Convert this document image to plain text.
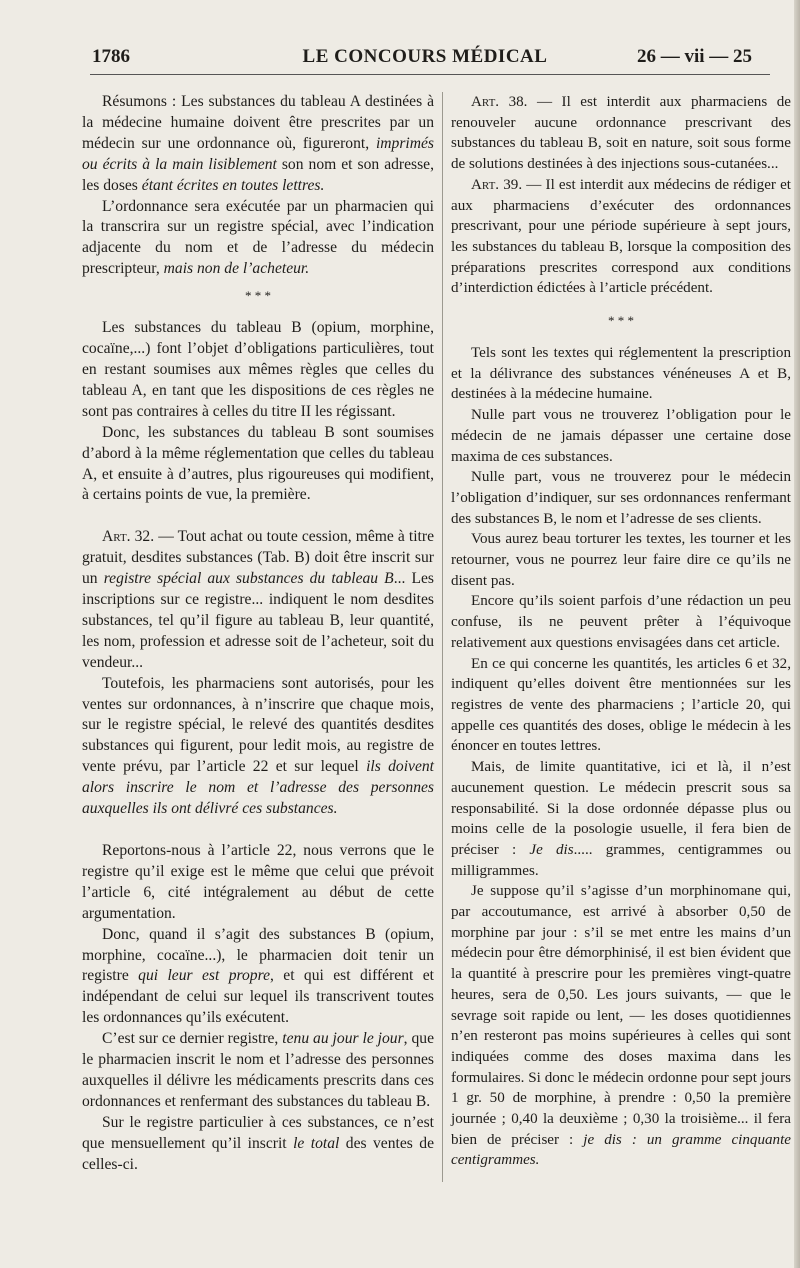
1786	LE CONCOURS MÉDICAL	26 — vii — 25

Résumons : Les substances du tableau A destinées à la médecine humaine doivent être prescrites par un médecin sur une ordonnance où, figureront, imprimés ou écrits à la main lisiblement son nom et son adresse, les doses étant écrites en toutes lettres.

L’ordonnance sera exécutée par un pharmacien qui la transcrira sur un registre spécial, avec l’indication adjacente du nom et de l’adresse du médecin prescripteur, mais non de l’acheteur.

* * *

Les substances du tableau B (opium, morphine, cocaïne,...) font l’objet d’obligations particulières, tout en restant soumises aux mêmes règles que celles du tableau A, en tant que les dispositions de ces règles ne sont pas contraires à celles du titre II les régissant.

Donc, les substances du tableau B sont soumises d’abord à la même réglementation que celles du tableau A, et ensuite à d’autres, plus rigoureuses qui modifient, à certains points de vue, la première.

Art. 32. — Tout achat ou toute cession, même à titre gratuit, desdites substances (Tab. B) doit être inscrit sur un registre spécial aux substances du tableau B... Les inscriptions sur ce registre... indiquent le nom desdites substances, tel qu’il figure au tableau B, leur quantité, les nom, profession et adresse soit de l’acheteur, soit du vendeur...

Toutefois, les pharmaciens sont autorisés, pour les ventes sur ordonnances, à n’inscrire que chaque mois, sur le registre spécial, le relevé des quantités desdites substances qui figurent, pour ledit mois, au registre de vente prévu, par l’article 22 et sur lequel ils doivent alors inscrire le nom et l’adresse des personnes auxquelles ils ont délivré ces substances.

Reportons-nous à l’article 22, nous verrons que le registre qu’il exige est le même que celui que prévoit l’article 6, cité intégralement au début de cette argumentation.

Donc, quand il s’agit des substances B (opium, morphine, cocaïne...), le pharmacien doit tenir un registre qui leur est propre, et qui est différent et indépendant de celui sur lequel ils transcrivent toutes les ordonnances qu’ils exécutent.

C’est sur ce dernier registre, tenu au jour le jour, que le pharmacien inscrit le nom et l’adresse des personnes auxquelles il délivre les médicaments prescrits dans ces ordonnances et renfermant des substances du tableau B.

Sur le registre particulier à ces substances, ce n’est que mensuellement qu’il inscrit le total des ventes de celles-ci.

Art. 38. — Il est interdit aux pharmaciens de renouveler aucune ordonnance prescrivant des substances du tableau B, soit en nature, soit sous forme de solutions destinées à des injections sous-cutanées...

Art. 39. — Il est interdit aux médecins de rédiger et aux pharmaciens d’exécuter des ordonnances prescrivant, pour une période supérieure à sept jours, les substances du tableau B, lorsque la composition des préparations prescrites correspond aux conditions d’interdiction édictées à l’article précédent.

* * *

Tels sont les textes qui réglementent la prescription et la délivrance des substances vénéneuses A et B, destinées à la médecine humaine.

Nulle part vous ne trouverez l’obligation pour le médecin de ne jamais dépasser une certaine dose maxima de ces substances.

Nulle part, vous ne trouverez pour le médecin l’obligation d’indiquer, sur ses ordonnances renfermant des substances B, le nom et l’adresse de ses clients.

Vous aurez beau torturer les textes, les tourner et les retourner, vous ne pourrez leur faire dire ce qu’ils ne disent pas.

Encore qu’ils soient parfois d’une rédaction un peu confuse, ils ne peuvent prêter à l’équivoque relativement aux questions envisagées dans cet article.

En ce qui concerne les quantités, les articles 6 et 32, indiquent qu’elles doivent être mentionnées sur les registres de vente des pharmaciens ; l’article 20, qui appelle ces quantités des doses, oblige le médecin à les énoncer en toutes lettres.

Mais, de limite quantitative, ici et là, il n’est aucunement question. Le médecin prescrit sous sa responsabilité. Si la dose ordonnée dépasse plus ou moins celle de la posologie usuelle, il fera bien de préciser : Je dis..... grammes, centigrammes ou milligrammes.

Je suppose qu’il s’agisse d’un morphinomane qui, par accoutumance, est arrivé à absorber 0,50 de morphine par jour : s’il se met entre les mains d’un médecin pour être démorphinisé, il est bien évident que la quantité à prescrire pour les premières vingt-quatre heures, sera de 0,50. Les jours suivants, — que le sevrage soit rapide ou lent, — les doses quotidiennes n’en resteront pas moins supérieures à celles qui sont indiquées comme des doses maxima dans les formulaires. Si donc le médecin ordonne pour sept jours 1 gr. 50 de morphine, à prendre : 0,50 la première journée ; 0,40 la deuxième ; 0,30 la troisième... il fera bien de préciser : je dis : un gramme cinquante centigrammes.
